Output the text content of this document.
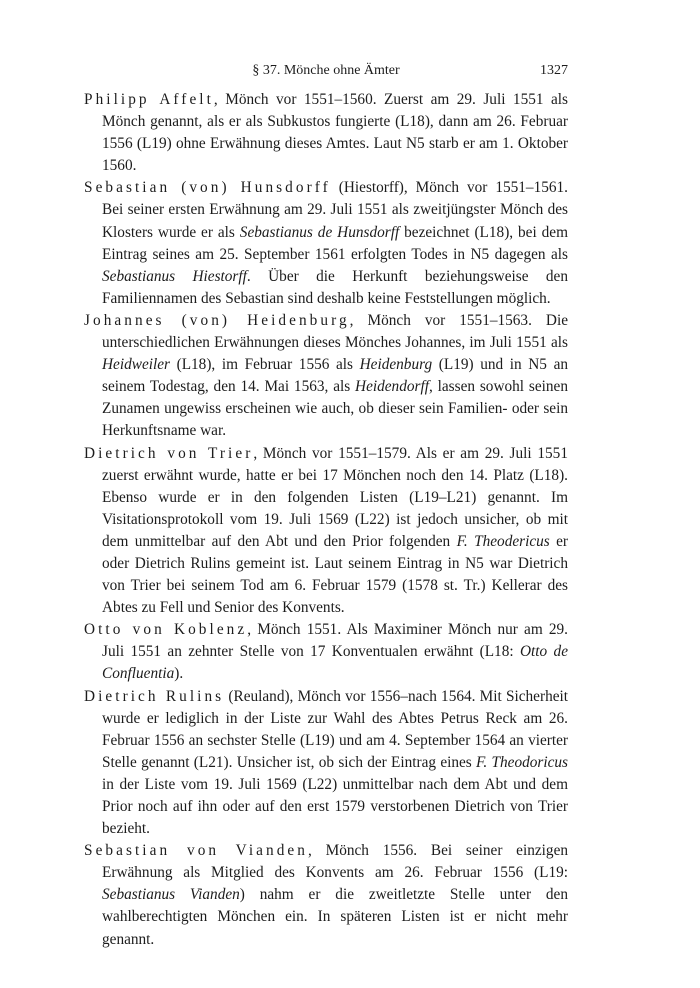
§ 37. Mönche ohne Ämter	1327

Philipp Affelt, Mönch vor 1551–1560. Zuerst am 29. Juli 1551 als Mönch genannt, als er als Subkustos fungierte (L18), dann am 26. Februar 1556 (L19) ohne Erwähnung dieses Amtes. Laut N5 starb er am 1. Oktober 1560.

Sebastian (von) Hunsdorff (Hiestorff), Mönch vor 1551–1561. Bei seiner ersten Erwähnung am 29. Juli 1551 als zweitjüngster Mönch des Klosters wurde er als Sebastianus de Hunsdorff bezeichnet (L18), bei dem Eintrag seines am 25. September 1561 erfolgten Todes in N5 dagegen als Sebastianus Hiestorff. Über die Herkunft beziehungsweise den Familiennamen des Sebastian sind deshalb keine Feststellungen möglich.

Johannes (von) Heidenburg, Mönch vor 1551–1563. Die unterschiedlichen Erwähnungen dieses Mönches Johannes, im Juli 1551 als Heidweiler (L18), im Februar 1556 als Heidenburg (L19) und in N5 an seinem Todestag, den 14. Mai 1563, als Heidendorff, lassen sowohl seinen Zunamen ungewiss erscheinen wie auch, ob dieser sein Familien- oder sein Herkunftsname war.

Dietrich von Trier, Mönch vor 1551–1579. Als er am 29. Juli 1551 zuerst erwähnt wurde, hatte er bei 17 Mönchen noch den 14. Platz (L18). Ebenso wurde er in den folgenden Listen (L19–L21) genannt. Im Visitationsprotokoll vom 19. Juli 1569 (L22) ist jedoch unsicher, ob mit dem unmittelbar auf den Abt und den Prior folgenden F. Theodericus er oder Dietrich Rulins gemeint ist. Laut seinem Eintrag in N5 war Dietrich von Trier bei seinem Tod am 6. Februar 1579 (1578 st. Tr.) Kellerar des Abtes zu Fell und Senior des Konvents.

Otto von Koblenz, Mönch 1551. Als Maximiner Mönch nur am 29. Juli 1551 an zehnter Stelle von 17 Konventualen erwähnt (L18: Otto de Confluentia).

Dietrich Rulins (Reuland), Mönch vor 1556–nach 1564. Mit Sicherheit wurde er lediglich in der Liste zur Wahl des Abtes Petrus Reck am 26. Februar 1556 an sechster Stelle (L19) und am 4. September 1564 an vierter Stelle genannt (L21). Unsicher ist, ob sich der Eintrag eines F. Theodoricus in der Liste vom 19. Juli 1569 (L22) unmittelbar nach dem Abt und dem Prior noch auf ihn oder auf den erst 1579 verstorbenen Dietrich von Trier bezieht.

Sebastian von Vianden, Mönch 1556. Bei seiner einzigen Erwähnung als Mitglied des Konvents am 26. Februar 1556 (L19: Sebastianus Vianden) nahm er die zweitletzte Stelle unter den wahlberechtigten Mönchen ein. In späteren Listen ist er nicht mehr genannt.
